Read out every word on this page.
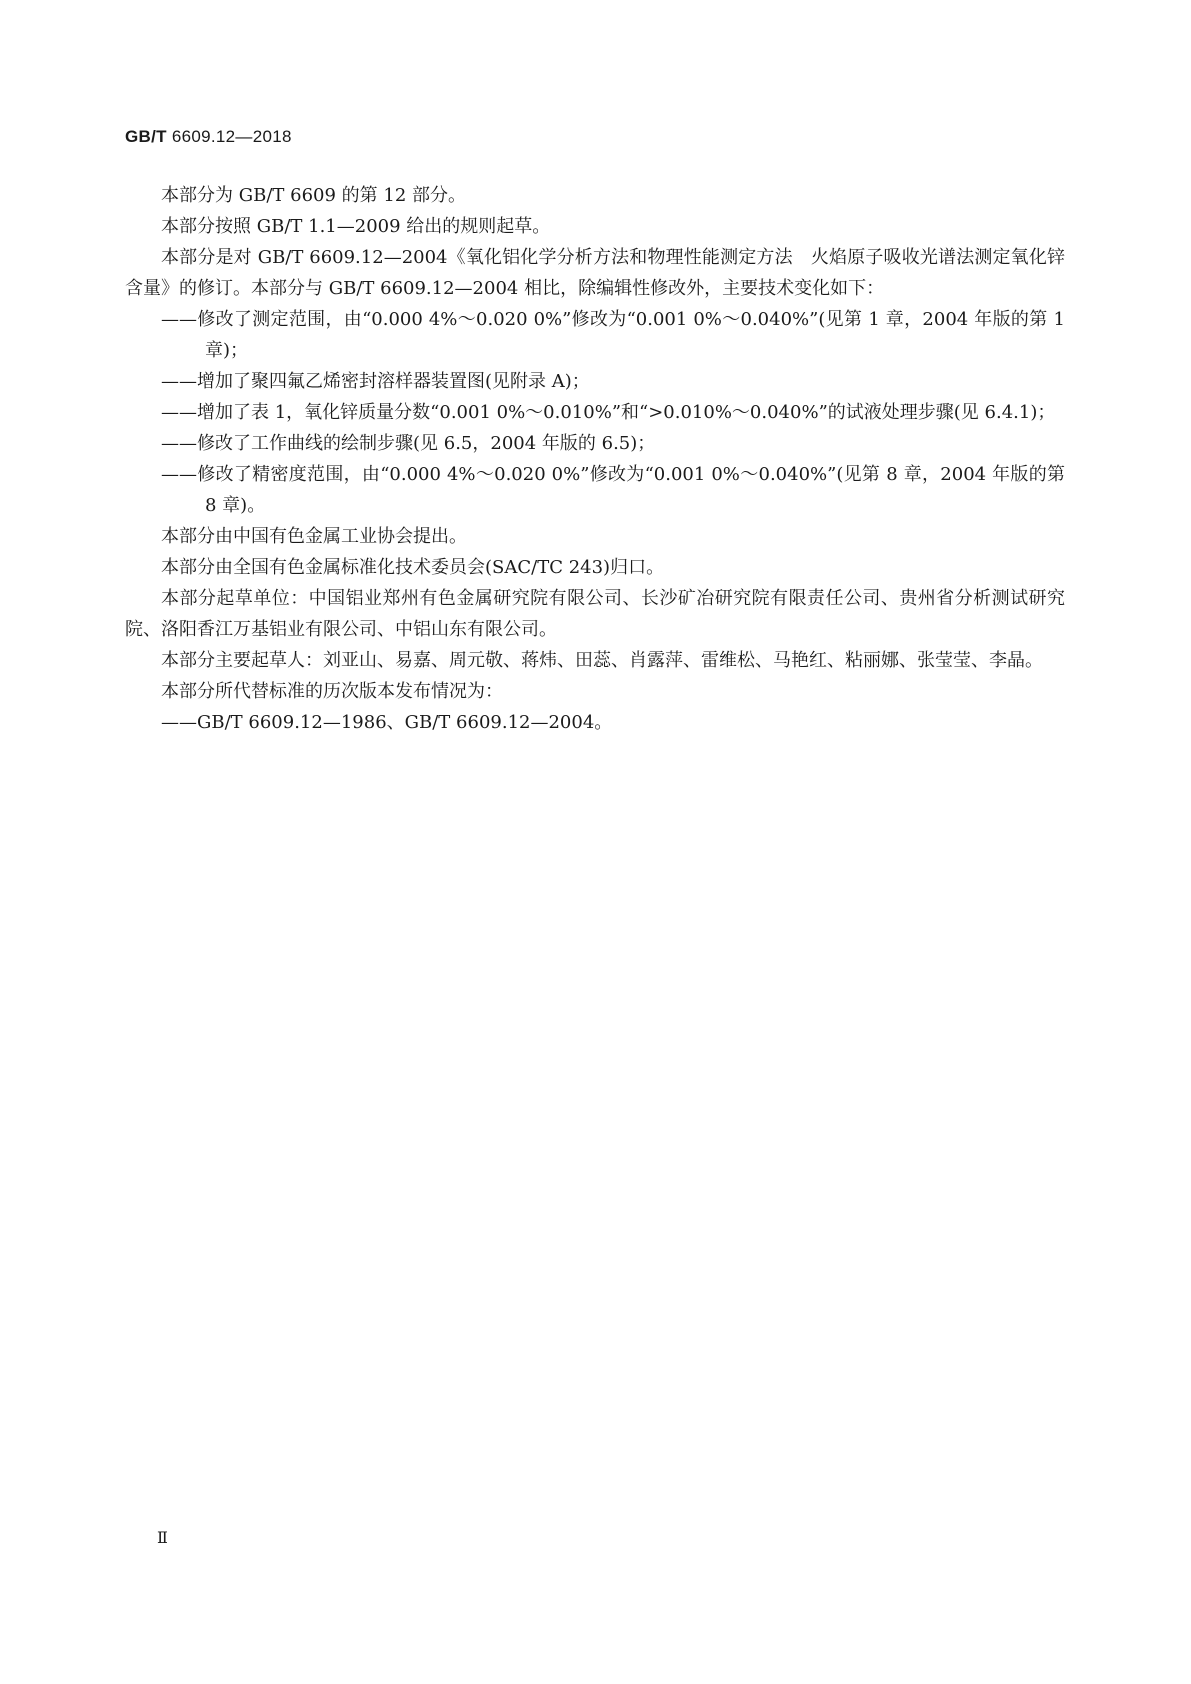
GB/T 6609.12—2018

本部分为 GB/T 6609 的第 12 部分。

本部分按照 GB/T 1.1—2009 给出的规则起草。

本部分是对 GB/T 6609.12—2004《氧化铝化学分析方法和物理性能测定方法　火焰原子吸收光谱法测定氧化锌含量》的修订。本部分与 GB/T 6609.12—2004 相比，除编辑性修改外，主要技术变化如下：

——修改了测定范围，由“0.000 4%～0.020 0%”修改为“0.001 0%～0.040%”(见第 1 章，2004 年版的第 1 章)；

——增加了聚四氟乙烯密封溶样器装置图(见附录 A)；

——增加了表 1，氧化锌质量分数“0.001 0%～0.010%”和“>0.010%～0.040%”的试液处理步骤(见 6.4.1)；

——修改了工作曲线的绘制步骤(见 6.5，2004 年版的 6.5)；

——修改了精密度范围，由“0.000 4%～0.020 0%”修改为“0.001 0%～0.040%”(见第 8 章，2004 年版的第 8 章)。

本部分由中国有色金属工业协会提出。

本部分由全国有色金属标准化技术委员会(SAC/TC 243)归口。

本部分起草单位：中国铝业郑州有色金属研究院有限公司、长沙矿冶研究院有限责任公司、贵州省分析测试研究院、洛阳香江万基铝业有限公司、中铝山东有限公司。

本部分主要起草人：刘亚山、易嘉、周元敬、蒋炜、田蕊、肖露萍、雷维松、马艳红、粘丽娜、张莹莹、李晶。

本部分所代替标准的历次版本发布情况为：

——GB/T 6609.12—1986、GB/T 6609.12—2004。

Ⅱ
